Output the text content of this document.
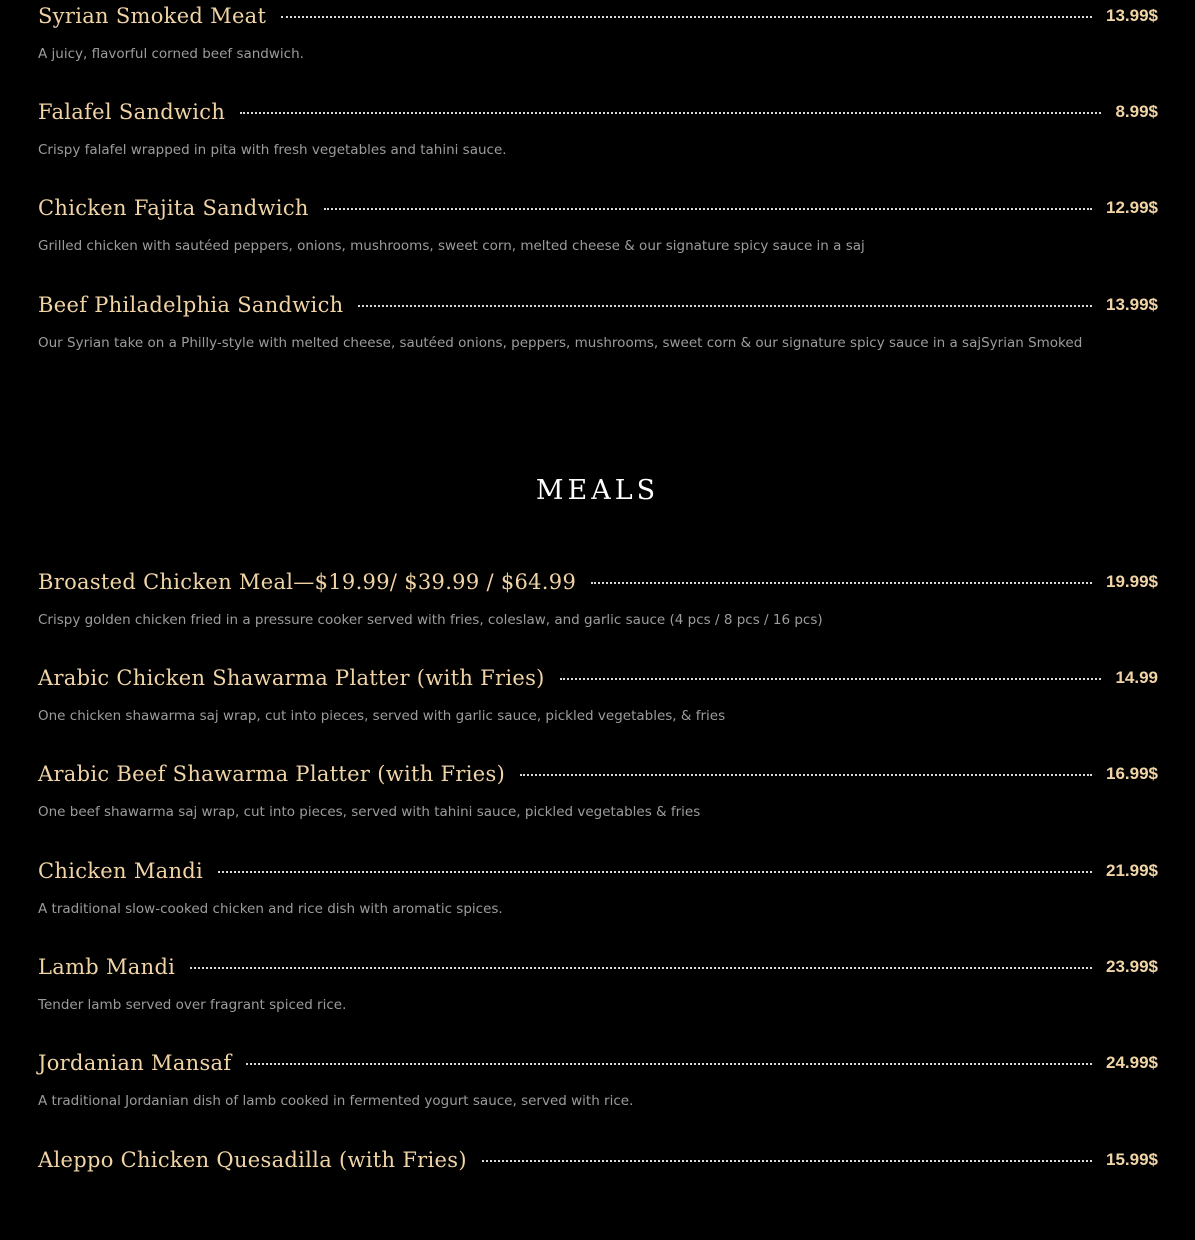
Syrian Smoked Meat	13.99$
A juicy, flavorful corned beef sandwich.
Falafel Sandwich	8.99$
Crispy falafel wrapped in pita with fresh vegetables and tahini sauce.
Chicken Fajita Sandwich	12.99$
Grilled chicken with sautéed peppers, onions, mushrooms, sweet corn, melted cheese & our signature spicy sauce in a saj
Beef Philadelphia Sandwich	13.99$
Our Syrian take on a Philly-style with melted cheese, sautéed onions, peppers, mushrooms, sweet corn & our signature spicy sauce in a sajSyrian Smoked
MEALS
Broasted Chicken Meal—$19.99/ $39.99 / $64.99	19.99$
Crispy golden chicken fried in a pressure cooker served with fries, coleslaw, and garlic sauce (4 pcs / 8 pcs / 16 pcs)
Arabic Chicken Shawarma Platter (with Fries)	14.99
One chicken shawarma saj wrap, cut into pieces, served with garlic sauce, pickled vegetables, & fries
Arabic Beef Shawarma Platter (with Fries)	16.99$
One beef shawarma saj wrap, cut into pieces, served with tahini sauce, pickled vegetables & fries
Chicken Mandi	21.99$
A traditional slow-cooked chicken and rice dish with aromatic spices.
Lamb Mandi	23.99$
Tender lamb served over fragrant spiced rice.
Jordanian Mansaf	24.99$
A traditional Jordanian dish of lamb cooked in fermented yogurt sauce, served with rice.
Aleppo Chicken Quesadilla (with Fries)	15.99$
